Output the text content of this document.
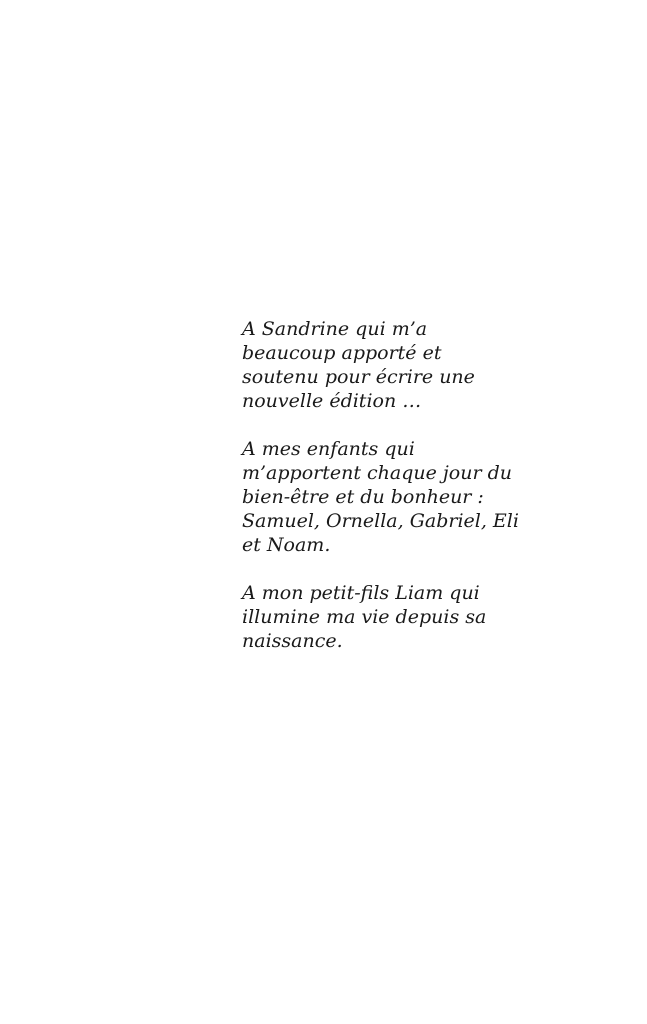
A Sandrine qui m’a
beaucoup apporté et
soutenu pour écrire une
nouvelle édition …

A mes enfants qui
m’apportent chaque jour du
bien-être et du bonheur :
Samuel, Ornella, Gabriel, Eli
et Noam.

A mon petit-fils Liam qui
illumine ma vie depuis sa
naissance.
